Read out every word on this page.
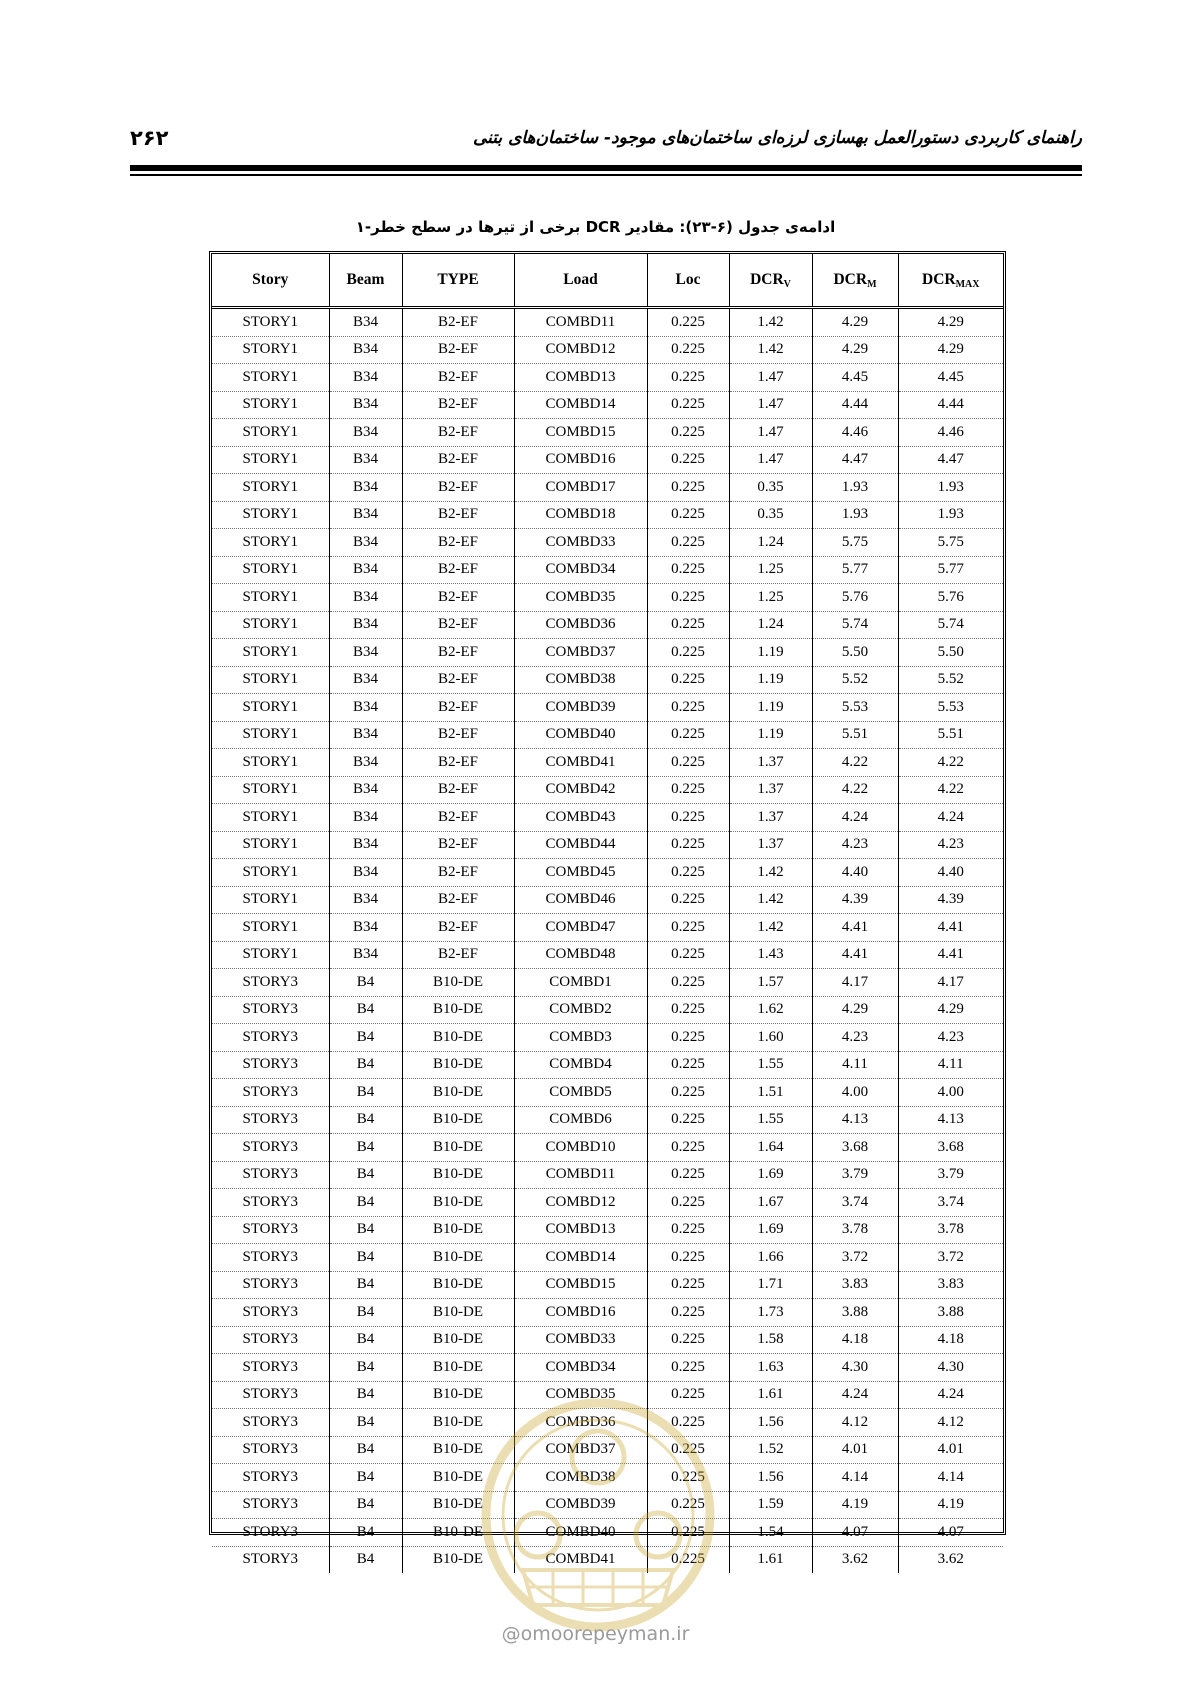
۲۶۲	راهنمای کاربردی دستورالعمل بهسازی لرزه‌ای ساختمان‌های موجود- ساختمان‌های بتنی
ادامه‌ی جدول (۶-۲۳): مقادیر DCR برخی از تیرها در سطح خطر-۱
Story	Beam	TYPE	Load	Loc	$DCR_V$	$DCR_M$	$DCR_{MAX}$
STORY1	B34	B2-EF	COMBD11	0.225	1.42	4.29	4.29
STORY1	B34	B2-EF	COMBD12	0.225	1.42	4.29	4.29
STORY1	B34	B2-EF	COMBD13	0.225	1.47	4.45	4.45
STORY1	B34	B2-EF	COMBD14	0.225	1.47	4.44	4.44
STORY1	B34	B2-EF	COMBD15	0.225	1.47	4.46	4.46
STORY1	B34	B2-EF	COMBD16	0.225	1.47	4.47	4.47
STORY1	B34	B2-EF	COMBD17	0.225	0.35	1.93	1.93
STORY1	B34	B2-EF	COMBD18	0.225	0.35	1.93	1.93
STORY1	B34	B2-EF	COMBD33	0.225	1.24	5.75	5.75
STORY1	B34	B2-EF	COMBD34	0.225	1.25	5.77	5.77
STORY1	B34	B2-EF	COMBD35	0.225	1.25	5.76	5.76
STORY1	B34	B2-EF	COMBD36	0.225	1.24	5.74	5.74
STORY1	B34	B2-EF	COMBD37	0.225	1.19	5.50	5.50
STORY1	B34	B2-EF	COMBD38	0.225	1.19	5.52	5.52
STORY1	B34	B2-EF	COMBD39	0.225	1.19	5.53	5.53
STORY1	B34	B2-EF	COMBD40	0.225	1.19	5.51	5.51
STORY1	B34	B2-EF	COMBD41	0.225	1.37	4.22	4.22
STORY1	B34	B2-EF	COMBD42	0.225	1.37	4.22	4.22
STORY1	B34	B2-EF	COMBD43	0.225	1.37	4.24	4.24
STORY1	B34	B2-EF	COMBD44	0.225	1.37	4.23	4.23
STORY1	B34	B2-EF	COMBD45	0.225	1.42	4.40	4.40
STORY1	B34	B2-EF	COMBD46	0.225	1.42	4.39	4.39
STORY1	B34	B2-EF	COMBD47	0.225	1.42	4.41	4.41
STORY1	B34	B2-EF	COMBD48	0.225	1.43	4.41	4.41
STORY3	B4	B10-DE	COMBD1	0.225	1.57	4.17	4.17
STORY3	B4	B10-DE	COMBD2	0.225	1.62	4.29	4.29
STORY3	B4	B10-DE	COMBD3	0.225	1.60	4.23	4.23
STORY3	B4	B10-DE	COMBD4	0.225	1.55	4.11	4.11
STORY3	B4	B10-DE	COMBD5	0.225	1.51	4.00	4.00
STORY3	B4	B10-DE	COMBD6	0.225	1.55	4.13	4.13
STORY3	B4	B10-DE	COMBD10	0.225	1.64	3.68	3.68
STORY3	B4	B10-DE	COMBD11	0.225	1.69	3.79	3.79
STORY3	B4	B10-DE	COMBD12	0.225	1.67	3.74	3.74
STORY3	B4	B10-DE	COMBD13	0.225	1.69	3.78	3.78
STORY3	B4	B10-DE	COMBD14	0.225	1.66	3.72	3.72
STORY3	B4	B10-DE	COMBD15	0.225	1.71	3.83	3.83
STORY3	B4	B10-DE	COMBD16	0.225	1.73	3.88	3.88
STORY3	B4	B10-DE	COMBD33	0.225	1.58	4.18	4.18
STORY3	B4	B10-DE	COMBD34	0.225	1.63	4.30	4.30
STORY3	B4	B10-DE	COMBD35	0.225	1.61	4.24	4.24
STORY3	B4	B10-DE	COMBD36	0.225	1.56	4.12	4.12
STORY3	B4	B10-DE	COMBD37	0.225	1.52	4.01	4.01
STORY3	B4	B10-DE	COMBD38	0.225	1.56	4.14	4.14
STORY3	B4	B10-DE	COMBD39	0.225	1.59	4.19	4.19
STORY3	B4	B10-DE	COMBD40	0.225	1.54	4.07	4.07
STORY3	B4	B10-DE	COMBD41	0.225	1.61	3.62	3.62
@omoorepeyman.ir
